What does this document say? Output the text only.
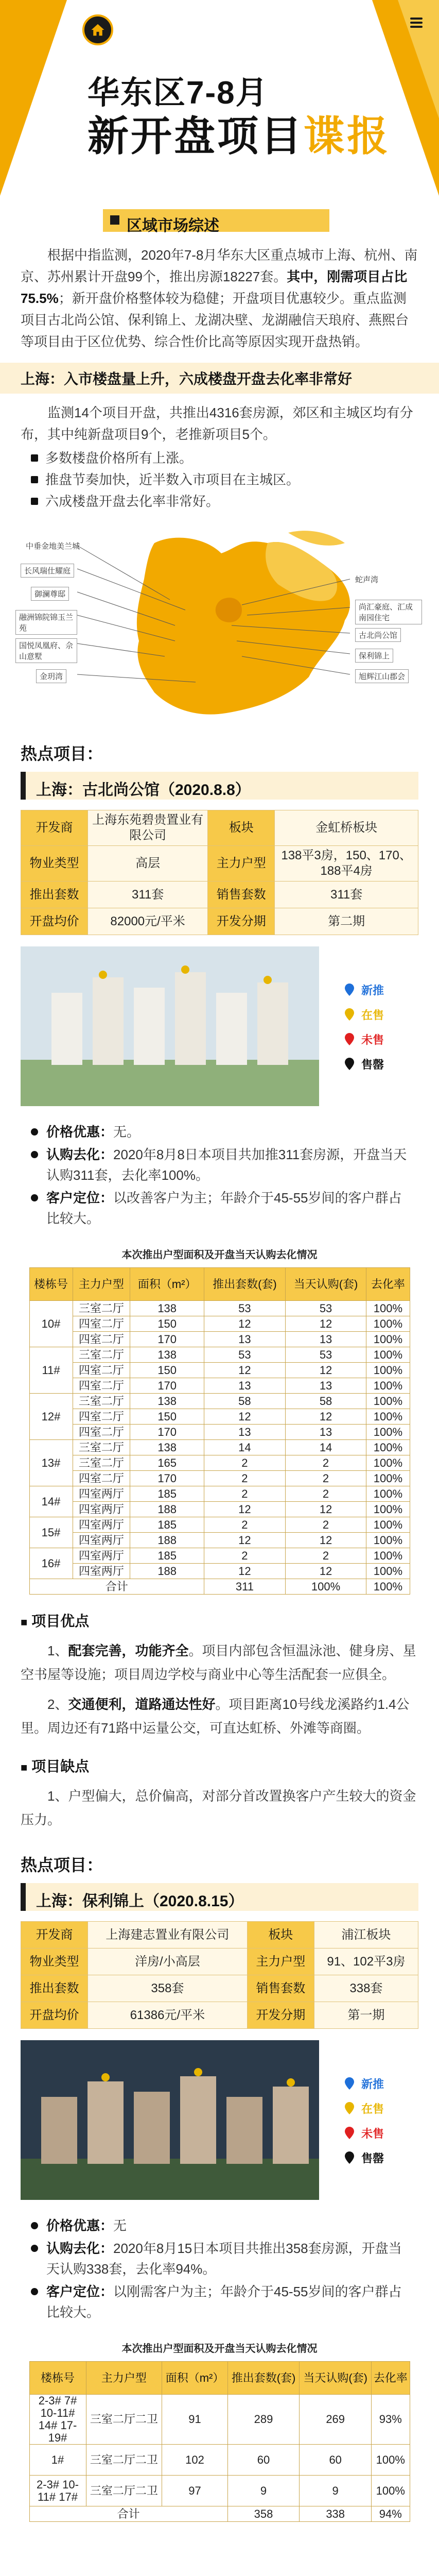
华东区7-8月
新开盘项目谍报
区域市场综述
根据中指监测，2020年7-8月华东大区重点城市上海、杭州、南京、苏州累计开盘99个，推出房源18227套。其中，刚需项目占比75.5%；新开盘价格整体较为稳健；开盘项目优惠较少。重点监测项目古北尚公馆、保利锦上、龙湖决壁、龙湖融信天琅府、燕熙台等项目由于区位优势、综合性价比高等原因实现开盘热销。
上海：入市楼盘量上升，六成楼盘开盘去化率非常好
监测14个项目开盘，共推出4316套房源，郊区和主城区均有分布，其中纯新盘项目9个，老推新项目5个。
多数楼盘价格所有上涨。
推盘节奏加快，近半数入市项目在主城区。
六成楼盘开盘去化率非常好。
中垂金地美兰城
长风瑞仕耀庭
御澜尊邸
融洲锦院锦玉兰苑
国悦凤凰府、佘山意墅
金玥湾
蛇声湾
尚汇豪庭、汇成南园住宅
古北尚公馆
保利锦上
旭辉江山郡会
热点项目：
上海：古北尚公馆（2020.8.8）
开发商	上海东苑碧贵置业有限公司	板块	金虹桥板块
物业类型	高层	主力户型	138平3房，150、170、188平4房
推出套数	311套	销售套数	311套
开盘均价	82000元/平米	开发分期	第二期
新推
在售
未售
售罄
价格优惠：无。
认购去化：2020年8月8日本项目共加推311套房源，开盘当天认购311套，去化率100%。
客户定位：以改善客户为主；年龄介于45-55岁间的客户群占比较大。
本次推出户型面积及开盘当天认购去化情况
楼栋号	主力户型	面积（m²）	推出套数(套)	当天认购(套)	去化率
10#	三室二厅	138	53	53	100%
	四室二厅	150	12	12	100%
	四室二厅	170	13	13	100%
11#	三室二厅	138	53	53	100%
	四室二厅	150	12	12	100%
	四室二厅	170	13	13	100%
12#	三室二厅	138	58	58	100%
	四室二厅	150	12	12	100%
	四室二厅	170	13	13	100%
13#	三室二厅	138	14	14	100%
	三室二厅	165	2	2	100%
	四室二厅	170	2	2	100%
14#	四室两厅	185	2	2	100%
	四室两厅	188	12	12	100%
15#	四室两厅	185	2	2	100%
	四室两厅	188	12	12	100%
16#	四室两厅	185	2	2	100%
	四室两厅	188	12	12	100%
合计			311	100%	100%
■ 项目优点
1、配套完善，功能齐全。项目内部包含恒温泳池、健身房、星空书屋等设施；项目周边学校与商业中心等生活配套一应俱全。
2、交通便利，道路通达性好。项目距离10号线龙溪路约1.4公里。周边还有71路中运量公交，可直达虹桥、外滩等商圈。
■ 项目缺点
1、户型偏大，总价偏高，对部分首改置换客户产生较大的资金压力。
热点项目：
上海：保利锦上（2020.8.15）
开发商	上海建志置业有限公司	板块	浦江板块
物业类型	洋房/小高层	主力户型	91、102平3房
推出套数	358套	销售套数	338套
开盘均价	61386元/平米	开发分期	第一期
新推
在售
未售
售罄
价格优惠：无
认购去化：2020年8月15日本项目共推出358套房源，开盘当天认购338套，去化率94%。
客户定位：以刚需客户为主；年龄介于45-55岁间的客户群占比较大。
本次推出户型面积及开盘当天认购去化情况
楼栋号	主力户型	面积（m²）	推出套数(套)	当天认购(套)	去化率
2-3# 7# 10-11# 14# 17-19#	三室二厅二卫	91	289	269	93%
1#	三室二厅二卫	102	60	60	100%
2-3# 10-11# 17#	三室二厅二卫	97	9	9	100%
合计			358	338	94%
